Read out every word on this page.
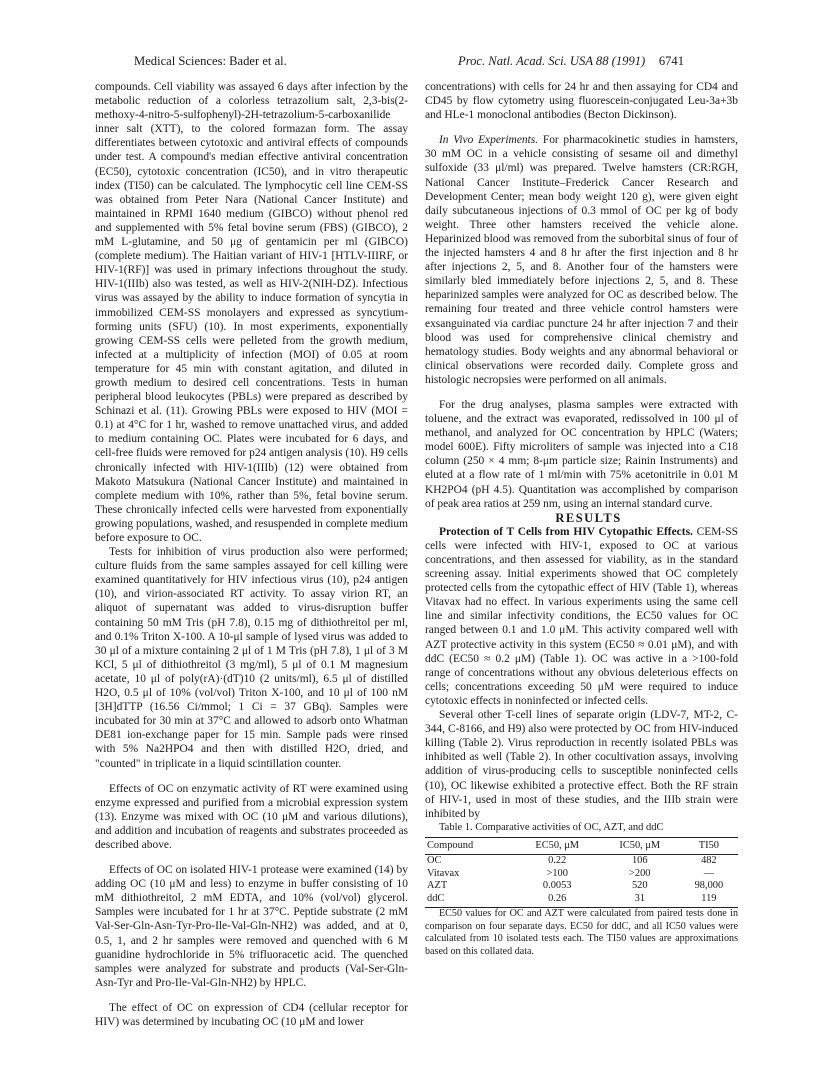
Medical Sciences: Bader et al.	Proc. Natl. Acad. Sci. USA 88 (1991) 6741

compounds. Cell viability was assayed 6 days after infection by the metabolic reduction of a colorless tetrazolium salt, 2,3-bis(2-methoxy-4-nitro-5-sulfophenyl)-2H-tetrazolium-5-carboxanilide inner salt (XTT), to the colored formazan form. The assay differentiates between cytotoxic and antiviral effects of compounds under test. A compound's median effective antiviral concentration (EC50), cytotoxic concentration (IC50), and in vitro therapeutic index (TI50) can be calculated. The lymphocytic cell line CEM-SS was obtained from Peter Nara (National Cancer Institute) and maintained in RPMI 1640 medium (GIBCO) without phenol red and supplemented with 5% fetal bovine serum (FBS) (GIBCO), 2 mM L-glutamine, and 50 μg of gentamicin per ml (GIBCO) (complete medium). The Haitian variant of HIV-1 [HTLV-IIIRF, or HIV-1(RF)] was used in primary infections throughout the study. HIV-1(IIIb) also was tested, as well as HIV-2(NIH-DZ). Infectious virus was assayed by the ability to induce formation of syncytia in immobilized CEM-SS monolayers and expressed as syncytium-forming units (SFU) (10). In most experiments, exponentially growing CEM-SS cells were pelleted from the growth medium, infected at a multiplicity of infection (MOI) of 0.05 at room temperature for 45 min with constant agitation, and diluted in growth medium to desired cell concentrations. Tests in human peripheral blood leukocytes (PBLs) were prepared as described by Schinazi et al. (11). Growing PBLs were exposed to HIV (MOI = 0.1) at 4°C for 1 hr, washed to remove unattached virus, and added to medium containing OC. Plates were incubated for 6 days, and cell-free fluids were removed for p24 antigen analysis (10). H9 cells chronically infected with HIV-1(IIIb) (12) were obtained from Makoto Matsukura (National Cancer Institute) and maintained in complete medium with 10%, rather than 5%, fetal bovine serum. These chronically infected cells were harvested from exponentially growing populations, washed, and resuspended in complete medium before exposure to OC.

Tests for inhibition of virus production also were performed; culture fluids from the same samples assayed for cell killing were examined quantitatively for HIV infectious virus (10), p24 antigen (10), and virion-associated RT activity. To assay virion RT, an aliquot of supernatant was added to virus-disruption buffer containing 50 mM Tris (pH 7.8), 0.15 mg of dithiothreitol per ml, and 0.1% Triton X-100. A 10-μl sample of lysed virus was added to 30 μl of a mixture containing 2 μl of 1 M Tris (pH 7.8), 1 μl of 3 M KCl, 5 μl of dithiothreitol (3 mg/ml), 5 μl of 0.1 M magnesium acetate, 10 μl of poly(rA)·(dT)10 (2 units/ml), 6.5 μl of distilled H2O, 0.5 μl of 10% (vol/vol) Triton X-100, and 10 μl of 100 nM [3H]dTTP (16.56 Ci/mmol; 1 Ci = 37 GBq). Samples were incubated for 30 min at 37°C and allowed to adsorb onto Whatman DE81 ion-exchange paper for 15 min. Sample pads were rinsed with 5% Na2HPO4 and then with distilled H2O, dried, and "counted" in triplicate in a liquid scintillation counter.

Effects of OC on enzymatic activity of RT were examined using enzyme expressed and purified from a microbial expression system (13). Enzyme was mixed with OC (10 μM and various dilutions), and addition and incubation of reagents and substrates proceeded as described above.

Effects of OC on isolated HIV-1 protease were examined (14) by adding OC (10 μM and less) to enzyme in buffer consisting of 10 mM dithiothreitol, 2 mM EDTA, and 10% (vol/vol) glycerol. Samples were incubated for 1 hr at 37°C. Peptide substrate (2 mM Val-Ser-Gln-Asn-Tyr-Pro-Ile-Val-Gln-NH2) was added, and at 0, 0.5, 1, and 2 hr samples were removed and quenched with 6 M guanidine hydrochloride in 5% trifluoracetic acid. The quenched samples were analyzed for substrate and products (Val-Ser-Gln-Asn-Tyr and Pro-Ile-Val-Gln-NH2) by HPLC.

The effect of OC on expression of CD4 (cellular receptor for HIV) was determined by incubating OC (10 μM and lower

concentrations) with cells for 24 hr and then assaying for CD4 and CD45 by flow cytometry using fluorescein-conjugated Leu-3a+3b and HLe-1 monoclonal antibodies (Becton Dickinson).

In Vivo Experiments. For pharmacokinetic studies in hamsters, 30 mM OC in a vehicle consisting of sesame oil and dimethyl sulfoxide (33 μl/ml) was prepared. Twelve hamsters (CR:RGH, National Cancer Institute–Frederick Cancer Research and Development Center; mean body weight 120 g), were given eight daily subcutaneous injections of 0.3 mmol of OC per kg of body weight. Three other hamsters received the vehicle alone. Heparinized blood was removed from the suborbital sinus of four of the injected hamsters 4 and 8 hr after the first injection and 8 hr after injections 2, 5, and 8. Another four of the hamsters were similarly bled immediately before injections 2, 5, and 8. These heparinized samples were analyzed for OC as described below. The remaining four treated and three vehicle control hamsters were exsanguinated via cardiac puncture 24 hr after injection 7 and their blood was used for comprehensive clinical chemistry and hematology studies. Body weights and any abnormal behavioral or clinical observations were recorded daily. Complete gross and histologic necropsies were performed on all animals.

For the drug analyses, plasma samples were extracted with toluene, and the extract was evaporated, redissolved in 100 μl of methanol, and analyzed for OC concentration by HPLC (Waters; model 600E). Fifty microliters of sample was injected into a C18 column (250 × 4 mm; 8-μm particle size; Rainin Instruments) and eluted at a flow rate of 1 ml/min with 75% acetonitrile in 0.01 M KH2PO4 (pH 4.5). Quantitation was accomplished by comparison of peak area ratios at 259 nm, using an internal standard curve.

RESULTS

Protection of T Cells from HIV Cytopathic Effects. CEM-SS cells were infected with HIV-1, exposed to OC at various concentrations, and then assessed for viability, as in the standard screening assay. Initial experiments showed that OC completely protected cells from the cytopathic effect of HIV (Table 1), whereas Vitavax had no effect. In various experiments using the same cell line and similar infectivity conditions, the EC50 values for OC ranged between 0.1 and 1.0 μM. This activity compared well with AZT protective activity in this system (EC50 ≈ 0.01 μM), and with ddC (EC50 ≈ 0.2 μM) (Table 1). OC was active in a >100-fold range of concentrations without any obvious deleterious effects on cells; concentrations exceeding 50 μM were required to induce cytotoxic effects in noninfected or infected cells.

Several other T-cell lines of separate origin (LDV-7, MT-2, C-344, C-8166, and H9) also were protected by OC from HIV-induced killing (Table 2). Virus reproduction in recently isolated PBLs was inhibited as well (Table 2). In other cocultivation assays, involving addition of virus-producing cells to susceptible noninfected cells (10), OC likewise exhibited a protective effect. Both the RF strain of HIV-1, used in most of these studies, and the IIIb strain were inhibited by

Table 1. Comparative activities of OC, AZT, and ddC

Compound	EC50, μM	IC50, μM	TI50
OC	0.22	106	482
Vitavax	>100	>200	—
AZT	0.0053	520	98,000
ddC	0.26	31	119

EC50 values for OC and AZT were calculated from paired tests done in comparison on four separate days. EC50 for ddC, and all IC50 values were calculated from 10 isolated tests each. The TI50 values are approximations based on this collated data.
